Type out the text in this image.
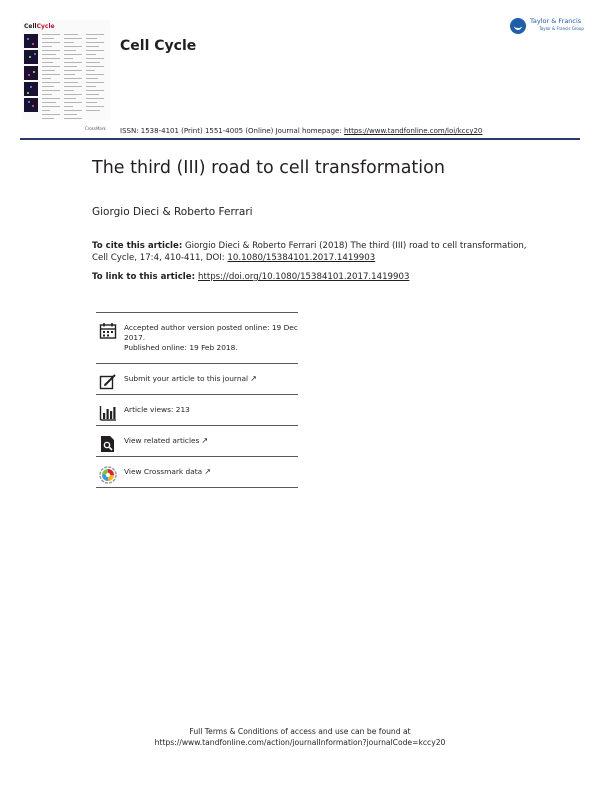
CellCycle
Cell Cycle
Taylor & Francis
Taylor & Francis Group
CrossMark ISSN: 1538-4101 (Print) 1551-4005 (Online) Journal homepage: https://www.tandfonline.com/loi/kccy20
The third (III) road to cell transformation
Giorgio Dieci & Roberto Ferrari
To cite this article: Giorgio Dieci & Roberto Ferrari (2018) The third (III) road to cell transformation, Cell Cycle, 17:4, 410-411, DOI: 10.1080/15384101.2017.1419903
To link to this article: https://doi.org/10.1080/15384101.2017.1419903
Accepted author version posted online: 19 Dec 2017.
Published online: 19 Feb 2018.
Submit your article to this journal ↗
Article views: 213
View related articles ↗
View Crossmark data ↗
Full Terms & Conditions of access and use can be found at
https://www.tandfonline.com/action/journalInformation?journalCode=kccy20
